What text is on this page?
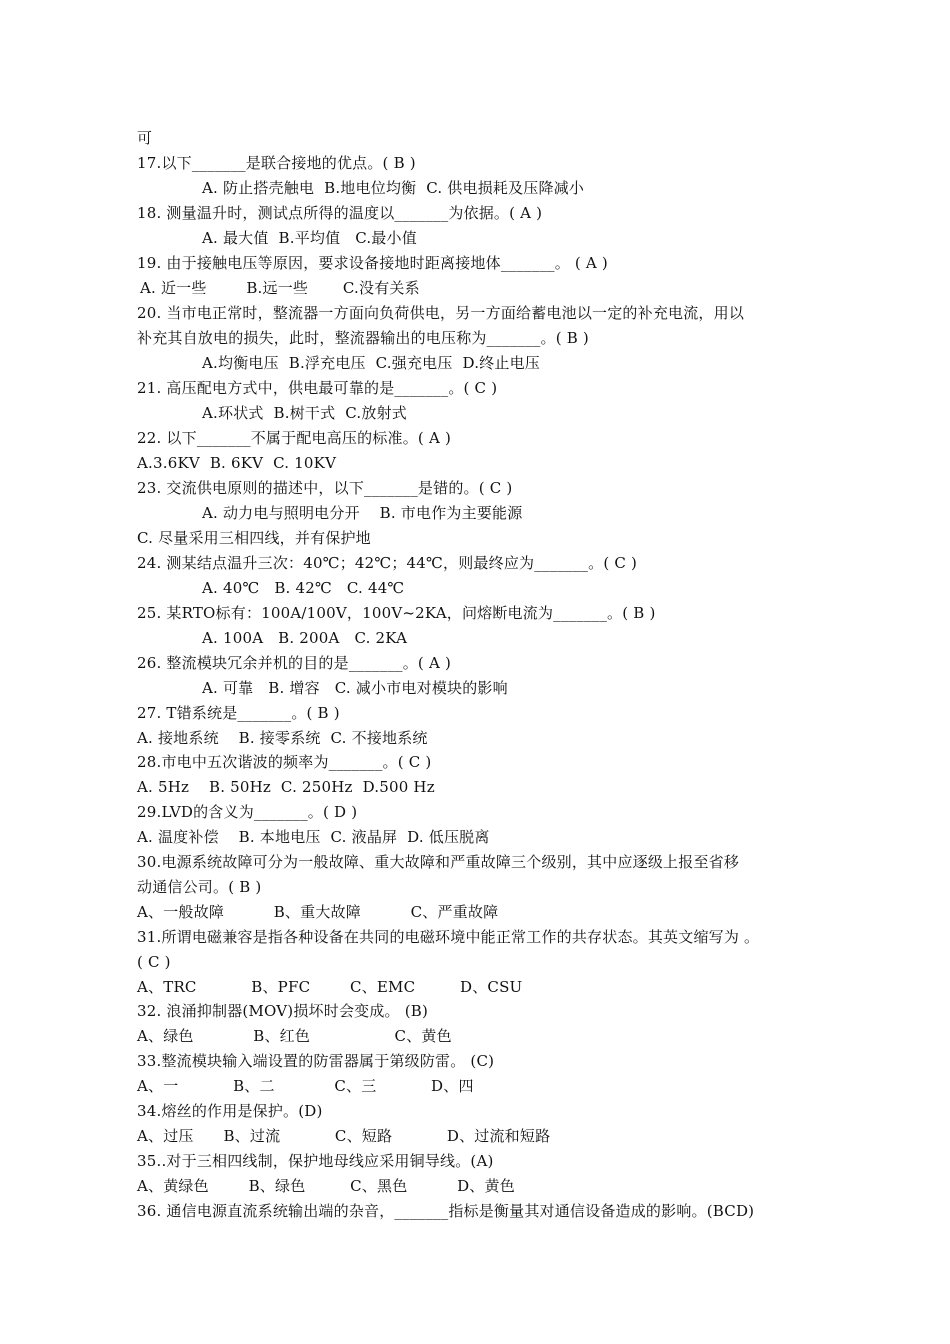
可
17.以下_______是联合接地的优点。( B )
A. 防止搭壳触电  B.地电位均衡  C. 供电损耗及压降减小
18. 测量温升时，测试点所得的温度以_______为依据。( A )
A. 最大值  B.平均值   C.最小值
19. 由于接触电压等原因，要求设备接地时距离接地体_______。 ( A )
A. 近一些        B.远一些       C.没有关系
20. 当市电正常时，整流器一方面向负荷供电，另一方面给蓄电池以一定的补充电流，用以
补充其自放电的损失，此时，整流器输出的电压称为_______。( B )
A.均衡电压  B.浮充电压  C.强充电压  D.终止电压
21. 高压配电方式中，供电最可靠的是_______。( C )
A.环状式  B.树干式  C.放射式
22. 以下_______不属于配电高压的标准。( A )
A.3.6KV  B. 6KV  C. 10KV
23. 交流供电原则的描述中，以下_______是错的。( C )
A. 动力电与照明电分开    B. 市电作为主要能源
C. 尽量采用三相四线，并有保护地
24. 测某结点温升三次：40℃；42℃；44℃，则最终应为_______。( C )
A. 40℃   B. 42℃   C. 44℃
25. 某RTO标有：100A/100V，100V~2KA，问熔断电流为_______。( B )
A. 100A   B. 200A   C. 2KA
26. 整流模块冗余并机的目的是_______。( A )
A. 可靠   B. 增容   C. 减小市电对模块的影响
27. T错系统是_______。( B )
A. 接地系统    B. 接零系统  C. 不接地系统
28.市电中五次谐波的频率为_______。( C )
A. 5Hz    B. 50Hz  C. 250Hz  D.500 Hz
29.LVD的含义为_______。( D )
A. 温度补偿    B. 本地电压  C. 液晶屏  D. 低压脱离
30.电源系统故障可分为一般故障、重大故障和严重故障三个级别，其中应逐级上报至省移
动通信公司。( B )
A、一般故障          B、重大故障          C、严重故障
31.所谓电磁兼容是指各种设备在共同的电磁环境中能正常工作的共存状态。其英文缩写为 。
( C )
A、TRC           B、PFC        C、EMC         D、CSU
32. 浪涌抑制器(MOV)损坏时会变成。 (B)
A、绿色            B、红色                 C、黄色
33.整流模块输入端设置的防雷器属于第级防雷。 (C)
A、一           B、二            C、三           D、四
34.熔丝的作用是保护。(D)
A、过压      B、过流           C、短路           D、过流和短路
35..对于三相四线制，保护地母线应采用铜导线。(A)
A、黄绿色        B、绿色         C、黑色          D、黄色
36. 通信电源直流系统输出端的杂音，_______指标是衡量其对通信设备造成的影响。(BCD)
